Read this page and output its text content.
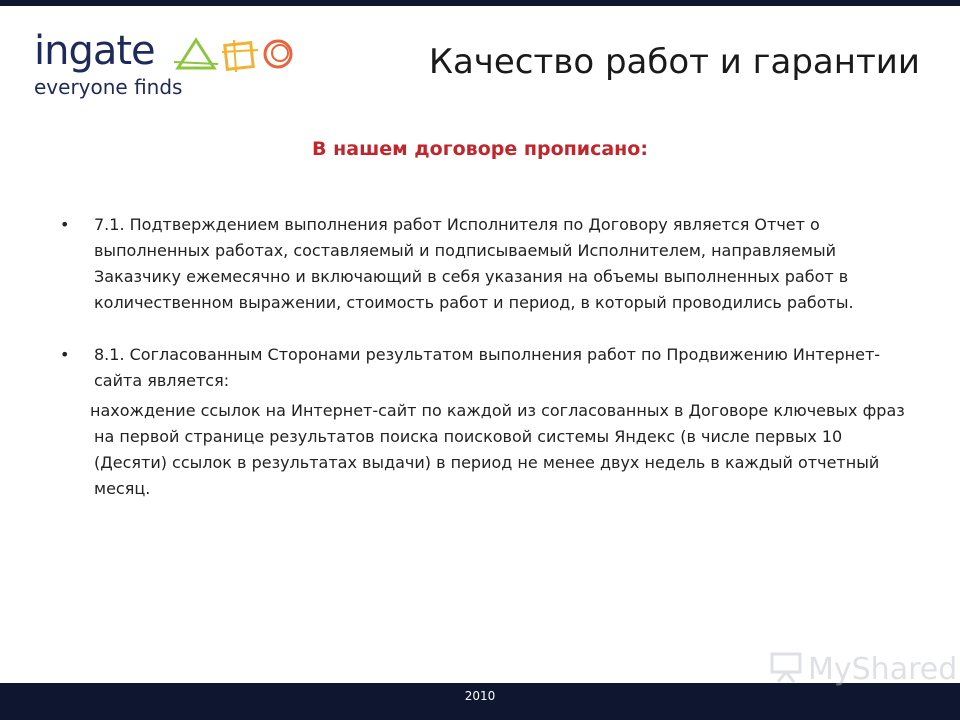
ingate
everyone finds
Качество работ и гарантии
В нашем договоре прописано:
• 7.1. Подтверждением выполнения работ Исполнителя по Договору является Отчет о выполненных работах, составляемый и подписываемый Исполнителем, направляемый Заказчику ежемесячно и включающий в себя указания на объемы выполненных работ в количественном выражении, стоимость работ и период, в который проводились работы.
• 8.1. Согласованным Сторонами результатом выполнения работ по Продвижению Интернет-сайта является:
нахождение ссылок на Интернет-сайт по каждой из согласованных в Договоре ключевых фраз на первой странице результатов поиска поисковой системы Яндекс (в числе первых 10 (Десяти) ссылок в результатах выдачи) в период не менее двух недель в каждый отчетный месяц.
2010
MyShared
